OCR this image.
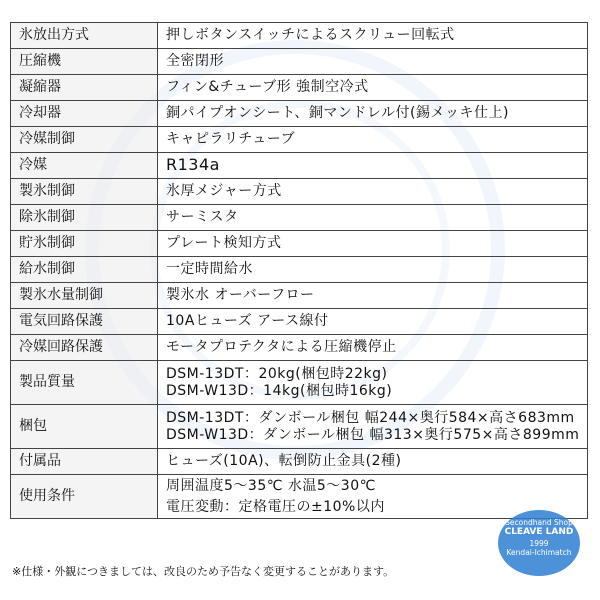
氷放出方式	押しボタンスイッチによるスクリュー回転式
圧縮機	全密閉形
凝縮器	フィン&チューブ形 強制空冷式
冷却器	銅パイプオンシート、銅マンドレル付(錫メッキ仕上)
冷媒制御	キャピラリチューブ
冷媒	R134a
製氷制御	氷厚メジャー方式
除氷制御	サーミスタ
貯氷制御	プレート検知方式
給水制御	一定時間給水
製氷水量制御	製氷水 オーバーフロー
電気回路保護	10Aヒューズ アース線付
冷媒回路保護	モータプロテクタによる圧縮機停止
製品質量	DSM-13DT：20kg(梱包時22kg)
DSM-W13D：14kg(梱包時16kg)

梱包	DSM-13DT：ダンボール梱包 幅244×奥行584×高さ683mm
DSM-W13D：ダンボール梱包 幅313×奥行575×高さ899mm

付属品	ヒューズ(10A)、転倒防止金具(2種)
使用条件	周囲温度5～35℃ 水温5～30℃
電圧変動：定格電圧の±10%以内
Secondhand Shop
CLEAVE LAND
1999
Kendai-Ichimatch
※仕様・外観につきましては、改良のため予告なく変更することがあります。
